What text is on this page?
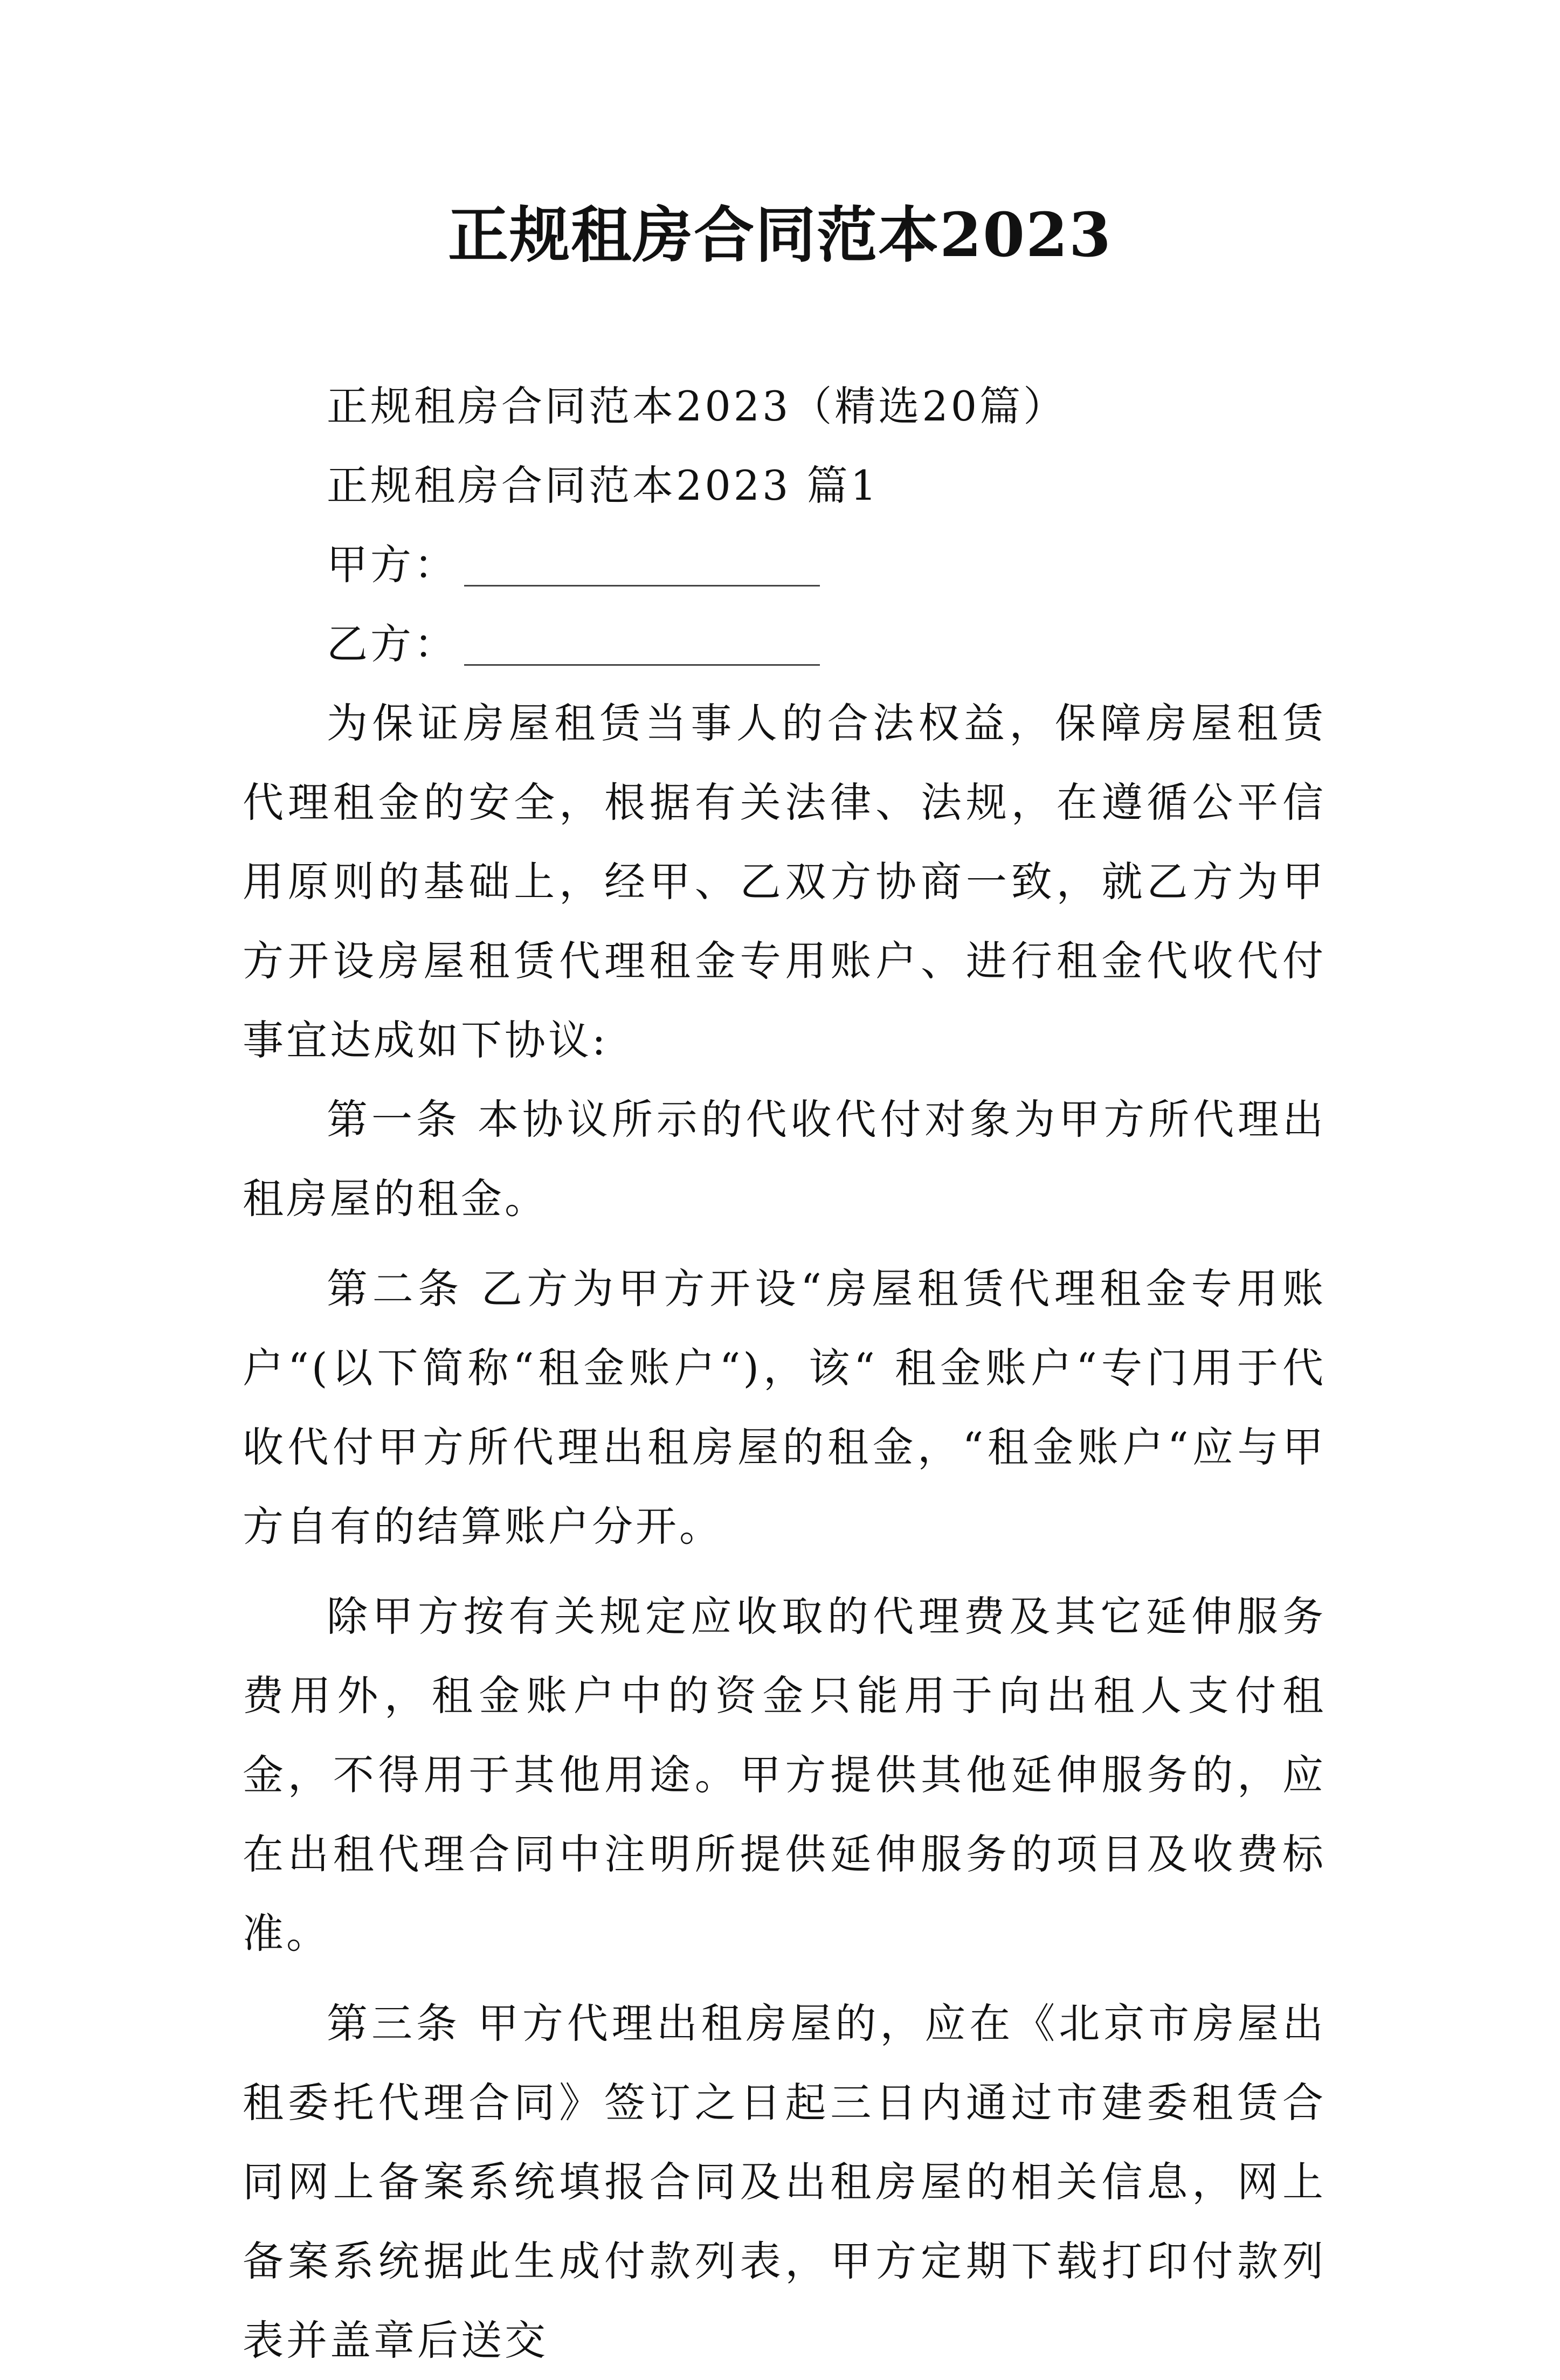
正规租房合同范本2023
正规租房合同范本2023（精选20篇）
正规租房合同范本2023 篇1
甲方：
乙方：
为保证房屋租赁当事人的合法权益，保障房屋租赁代理租金的安全，根据有关法律、法规，在遵循公平信用原则的基础上，经甲、乙双方协商一致，就乙方为甲方开设房屋租赁代理租金专用账户、进行租金代收代付事宜达成如下协议:
第一条 本协议所示的代收代付对象为甲方所代理出租房屋的租金。
第二条 乙方为甲方开设“房屋租赁代理租金专用账户“(以下简称“租金账户“)，该“ 租金账户“专门用于代收代付甲方所代理出租房屋的租金，“租金账户“应与甲方自有的结算账户分开。
除甲方按有关规定应收取的代理费及其它延伸服务费用外，租金账户中的资金只能用于向出租人支付租金，不得用于其他用途。甲方提供其他延伸服务的，应在出租代理合同中注明所提供延伸服务的项目及收费标准。
第三条 甲方代理出租房屋的，应在《北京市房屋出租委托代理合同》签订之日起三日内通过市建委租赁合同网上备案系统填报合同及出租房屋的相关信息，网上备案系统据此生成付款列表，甲方定期下载打印付款列表并盖章后送交
